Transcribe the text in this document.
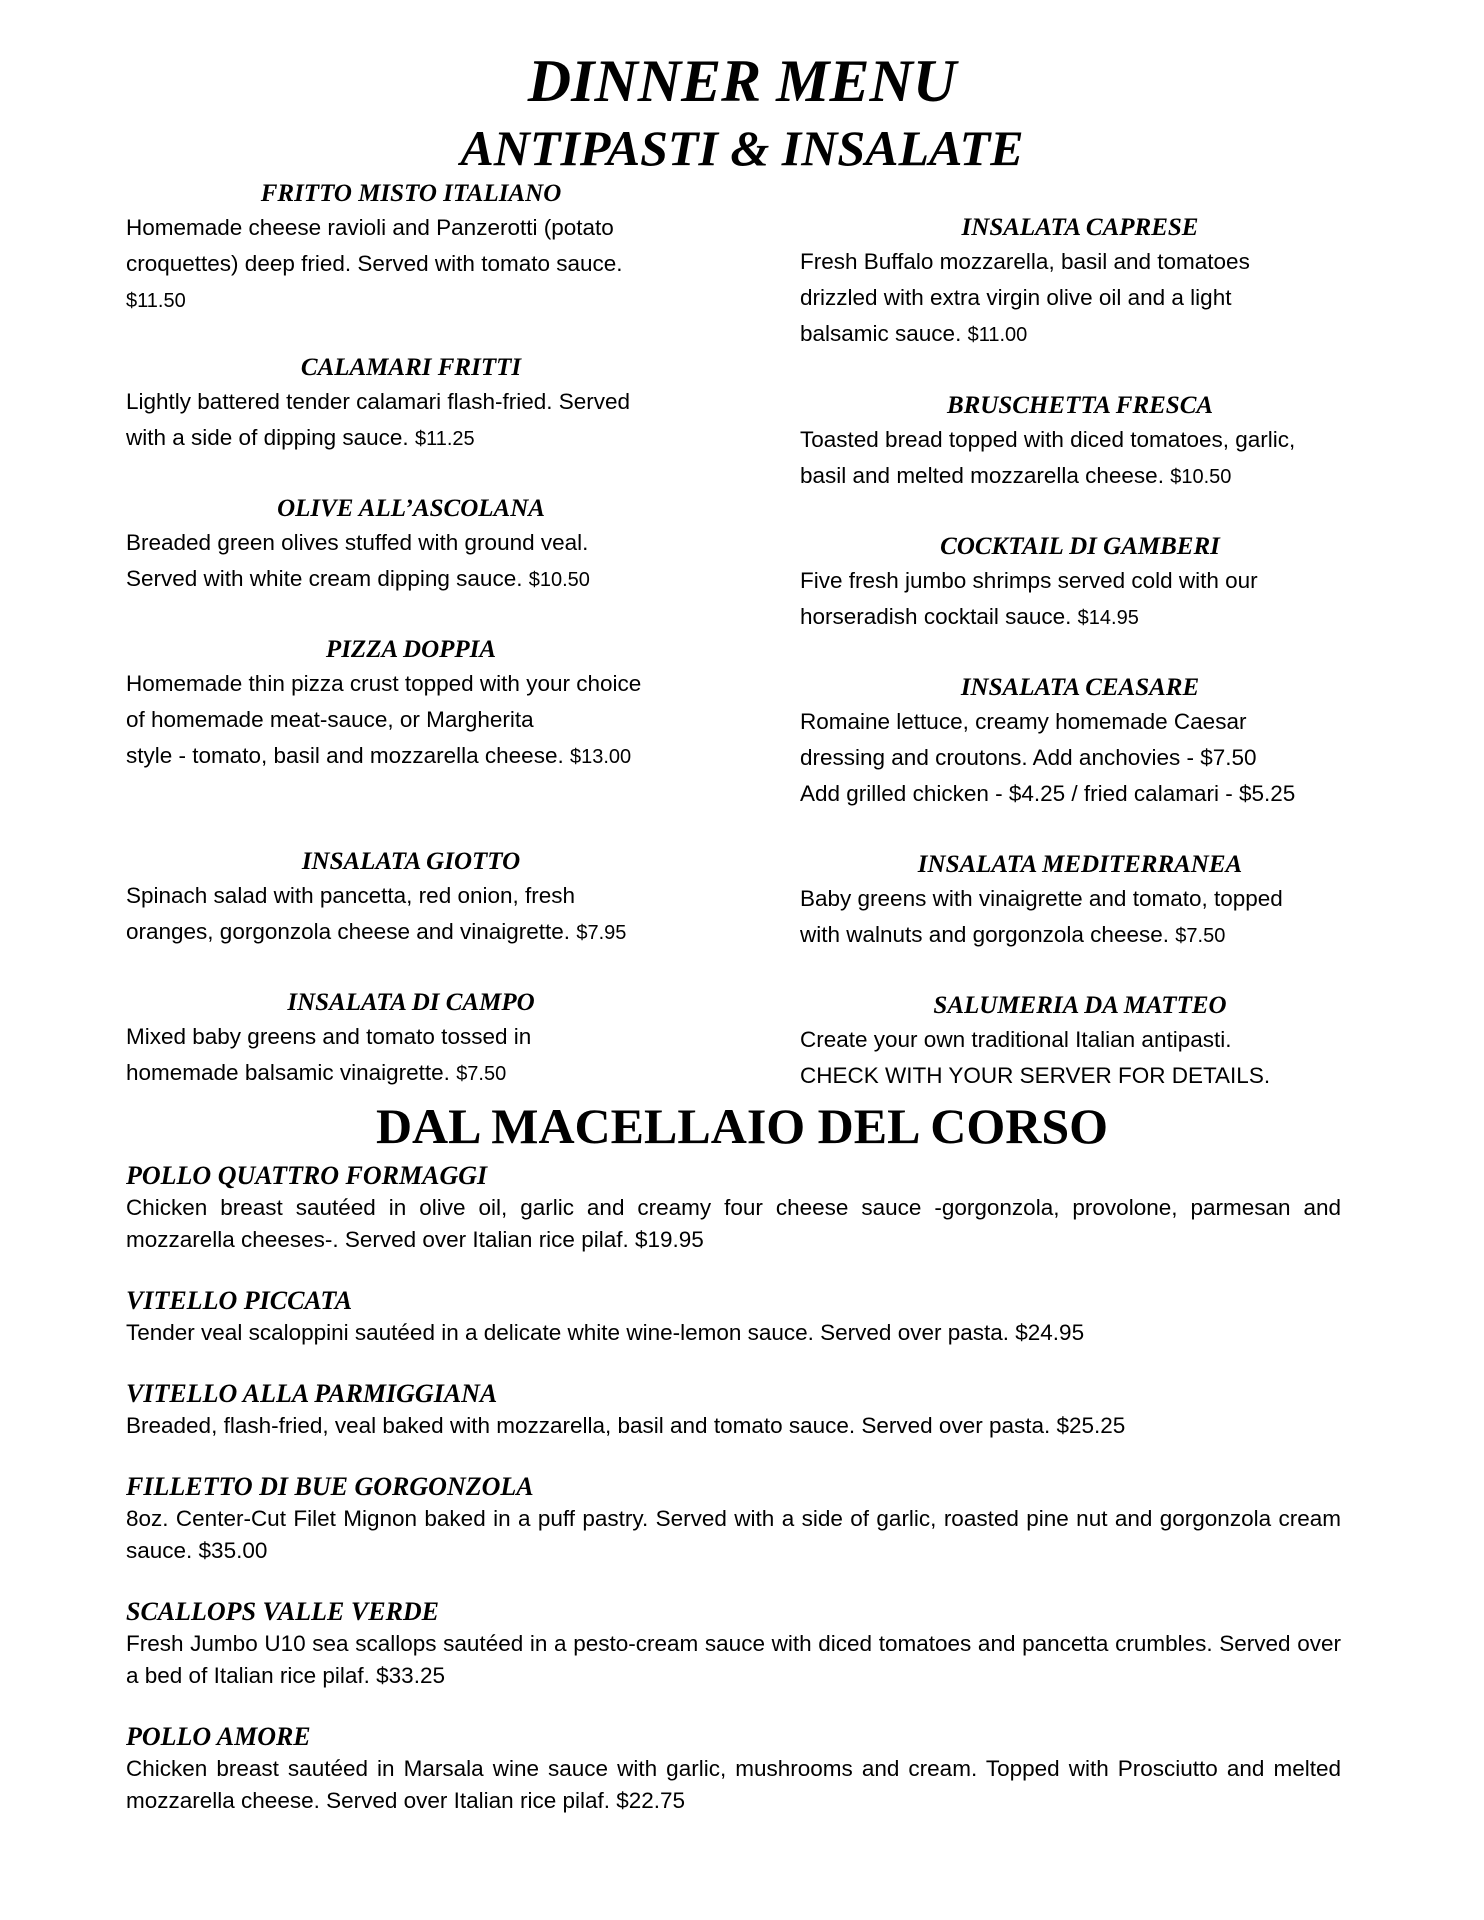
DINNER MENU
ANTIPASTI & INSALATE
FRITTO MISTO ITALIANO
Homemade cheese ravioli and Panzerotti (potato
croquettes) deep fried. Served with tomato sauce.
$11.50
CALAMARI FRITTI
Lightly battered tender calamari flash-fried. Served
with a side of dipping sauce. $11.25
OLIVE ALL’ASCOLANA
Breaded green olives stuffed with ground veal.
Served with white cream dipping sauce. $10.50
PIZZA DOPPIA
Homemade thin pizza crust topped with your choice
of homemade meat-sauce, or Margherita
style - tomato, basil and mozzarella cheese. $13.00
INSALATA GIOTTO
Spinach salad with pancetta, red onion, fresh
oranges, gorgonzola cheese and vinaigrette. $7.95
INSALATA DI CAMPO
Mixed baby greens and tomato tossed in
homemade balsamic vinaigrette. $7.50
INSALATA CAPRESE
Fresh Buffalo mozzarella, basil and tomatoes
drizzled with extra virgin olive oil and a light
balsamic sauce. $11.00
BRUSCHETTA FRESCA
Toasted bread topped with diced tomatoes, garlic,
basil and melted mozzarella cheese. $10.50
COCKTAIL DI GAMBERI
Five fresh jumbo shrimps served cold with our
horseradish cocktail sauce. $14.95
INSALATA CEASARE
Romaine lettuce, creamy homemade Caesar
dressing and croutons. Add anchovies - $7.50
Add grilled chicken - $4.25 / fried calamari - $5.25
INSALATA MEDITERRANEA
Baby greens with vinaigrette and tomato, topped
with walnuts and gorgonzola cheese. $7.50
SALUMERIA DA MATTEO
Create your own traditional Italian antipasti.
CHECK WITH YOUR SERVER FOR DETAILS.
DAL MACELLAIO DEL CORSO
POLLO QUATTRO FORMAGGI
Chicken breast sautéed in olive oil, garlic and creamy four cheese sauce -gorgonzola, provolone, parmesan and mozzarella cheeses-. Served over Italian rice pilaf. $19.95
VITELLO PICCATA
Tender veal scaloppini sautéed in a delicate white wine-lemon sauce. Served over pasta. $24.95
VITELLO ALLA PARMIGGIANA
Breaded, flash-fried, veal baked with mozzarella, basil and tomato sauce. Served over pasta. $25.25
FILLETTO DI BUE GORGONZOLA
8oz. Center-Cut Filet Mignon baked in a puff pastry. Served with a side of garlic, roasted pine nut and gorgonzola cream sauce. $35.00
SCALLOPS VALLE VERDE
Fresh Jumbo U10 sea scallops sautéed in a pesto-cream sauce with diced tomatoes and pancetta crumbles. Served over a bed of Italian rice pilaf. $33.25
POLLO AMORE
Chicken breast sautéed in Marsala wine sauce with garlic, mushrooms and cream. Topped with Prosciutto and melted mozzarella cheese. Served over Italian rice pilaf. $22.75
